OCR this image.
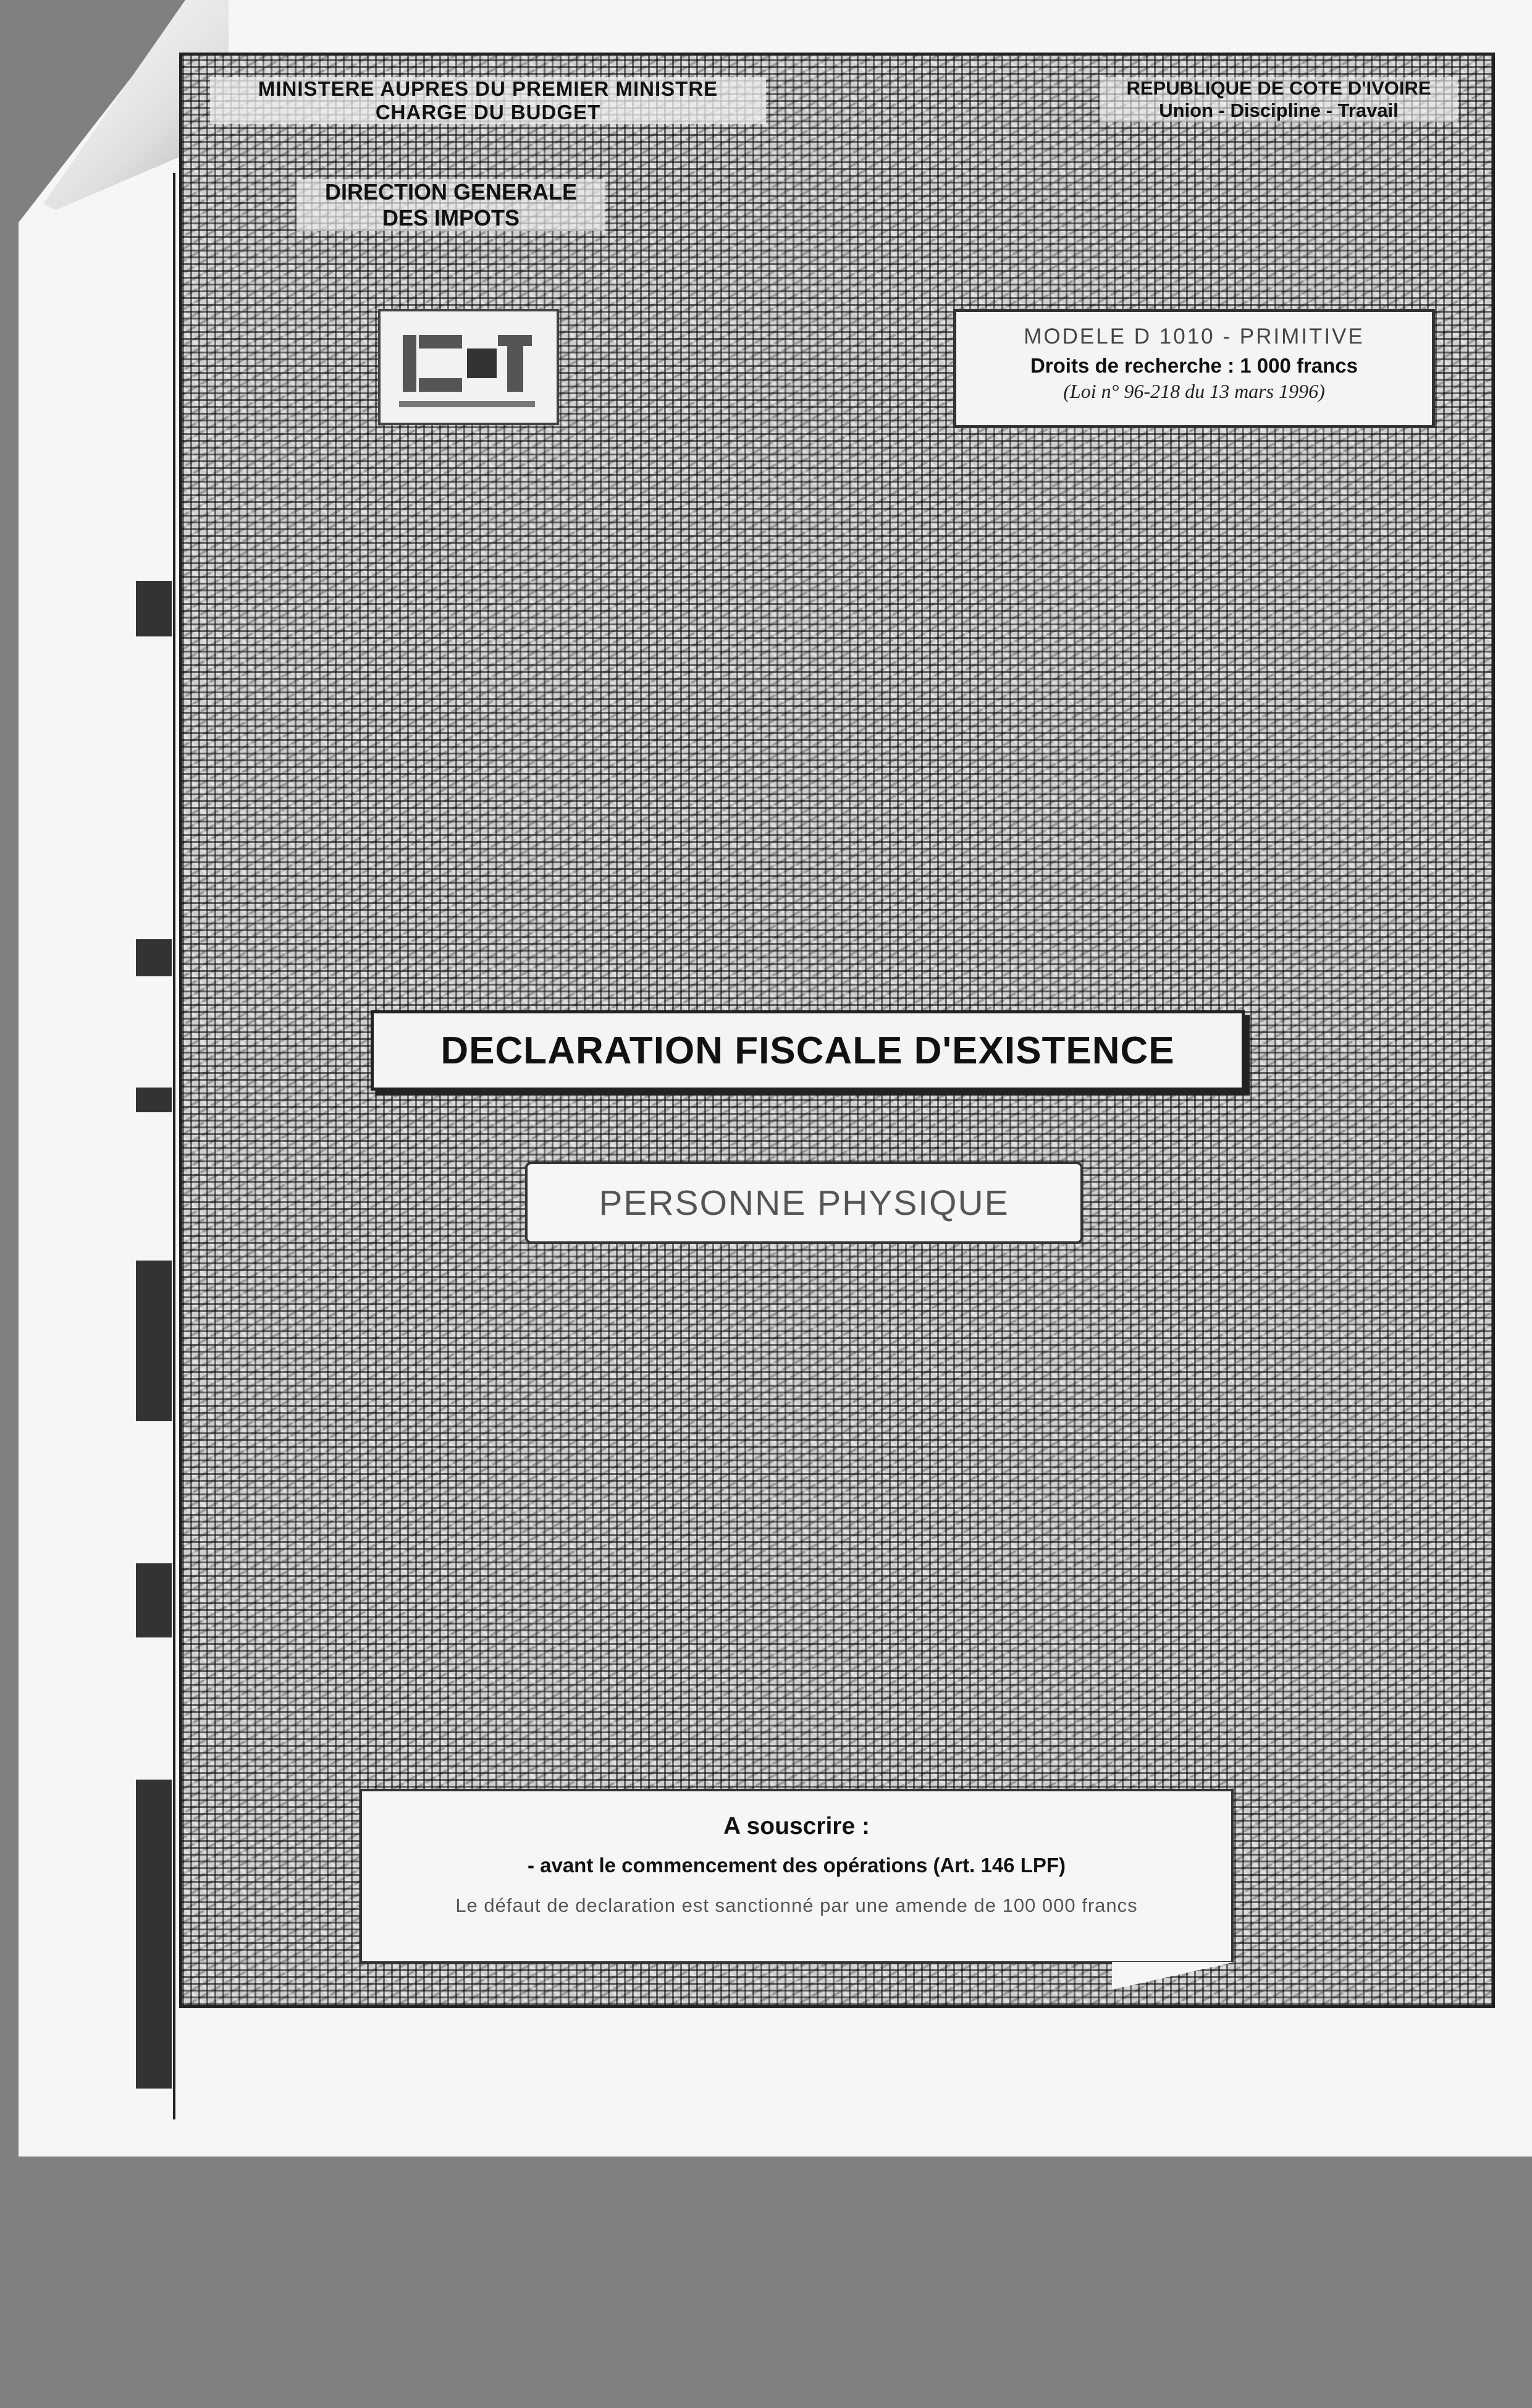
MINISTERE AUPRES DU PREMIER MINISTRE
CHARGE DU BUDGET
REPUBLIQUE DE COTE D'IVOIRE
Union - Discipline - Travail
DIRECTION GENERALE
DES IMPOTS
MODELE D 1010 - PRIMITIVE
Droits de recherche : 1 000 francs
(Loi n° 96-218 du 13 mars 1996)
DECLARATION FISCALE D'EXISTENCE
PERSONNE PHYSIQUE
A souscrire :
- avant le commencement des opérations (Art. 146 LPF)
Le défaut de declaration est sanctionné par une amende de 100 000 francs
